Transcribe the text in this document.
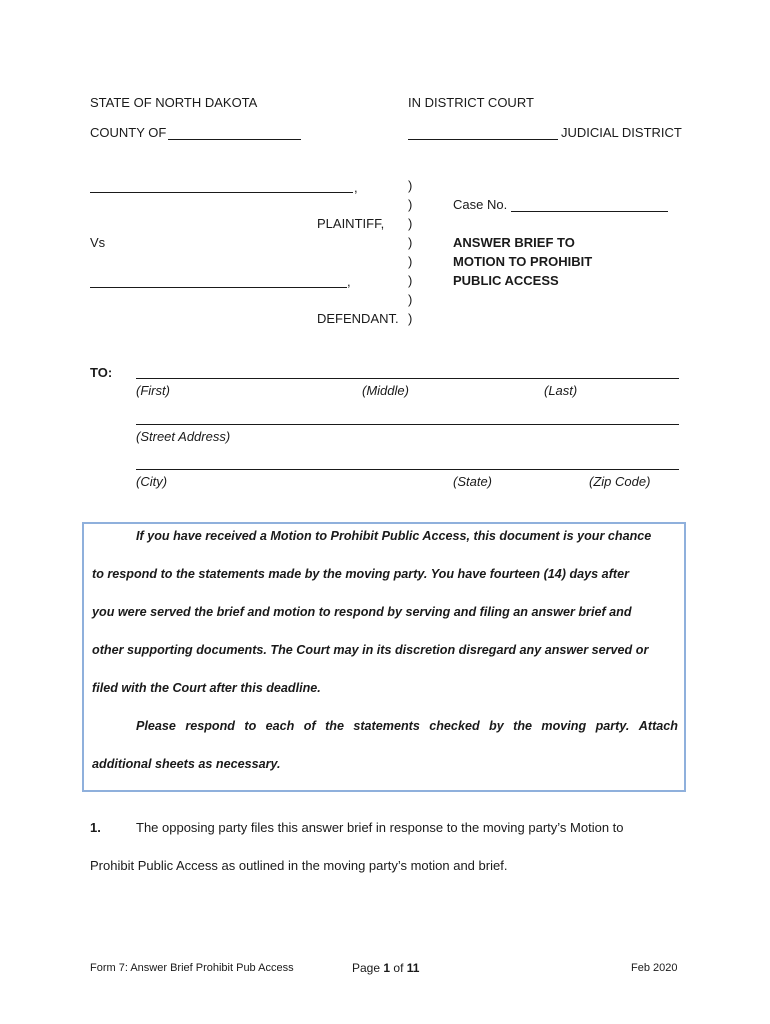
STATE OF NORTH DAKOTA	IN DISTRICT COURT
COUNTY OF	JUDICIAL DISTRICT
,
PLAINTIFF,
Vs
,
DEFENDANT.
)
)
)
)
)
)
)
)
Case No.
ANSWER BRIEF TO
MOTION TO PROHIBIT
PUBLIC ACCESS
TO:
(First)	(Middle)	(Last)
(Street Address)
(City)	(State)	(Zip Code)
If you have received a Motion to Prohibit Public Access, this document is your chance
to respond to the statements made by the moving party. You have fourteen (14) days after
you were served the brief and motion to respond by serving and filing an answer brief and
other supporting documents. The Court may in its discretion disregard any answer served or
filed with the Court after this deadline.
Please respond to each of the statements checked by the moving party. Attach
additional sheets as necessary.
1.	The opposing party files this answer brief in response to the moving party’s Motion to
Prohibit Public Access as outlined in the moving party’s motion and brief.
Form 7: Answer Brief Prohibit Pub Access	Page 1 of 11	Feb 2020
